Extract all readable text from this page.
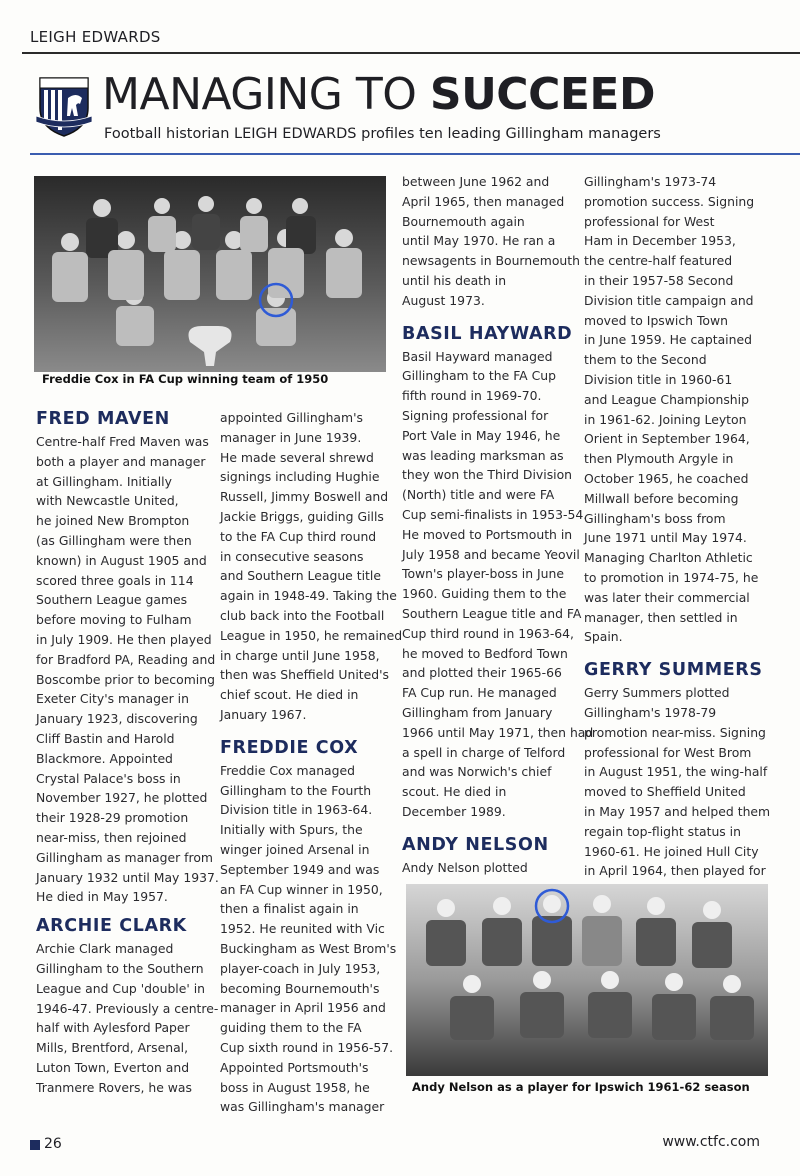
LEIGH EDWARDS
MANAGING TO SUCCEED
Football historian LEIGH EDWARDS profiles ten leading Gillingham managers
Freddie Cox in FA Cup winning team of 1950
FRED MAVEN

Centre-half Fred Maven was

both a player and manager

at Gillingham. Initially

with Newcastle United,

he joined New Brompton

(as Gillingham were then

known) in August 1905 and

scored three goals in 114

Southern League games

before moving to Fulham

in July 1909. He then played

for Bradford PA, Reading and

Boscombe prior to becoming

Exeter City's manager in

January 1923, discovering

Cliff Bastin and Harold

Blackmore. Appointed

Crystal Palace's boss in

November 1927, he plotted

their 1928-29 promotion

near-miss, then rejoined

Gillingham as manager from

January 1932 until May 1937.

He died in May 1957.

ARCHIE CLARK

Archie Clark managed

Gillingham to the Southern

League and Cup 'double' in

1946-47. Previously a centre-

half with Aylesford Paper

Mills, Brentford, Arsenal,

Luton Town, Everton and

Tranmere Rovers, he was

appointed Gillingham's

manager in June 1939.

He made several shrewd

signings including Hughie

Russell, Jimmy Boswell and

Jackie Briggs, guiding Gills

to the FA Cup third round

in consecutive seasons

and Southern League title

again in 1948-49. Taking the

club back into the Football

League in 1950, he remained

in charge until June 1958,

then was Sheffield United's

chief scout. He died in

January 1967.

FREDDIE COX

Freddie Cox managed

Gillingham to the Fourth

Division title in 1963-64.

Initially with Spurs, the

winger joined Arsenal in

September 1949 and was

an FA Cup winner in 1950,

then a finalist again in

1952. He reunited with Vic

Buckingham as West Brom's

player-coach in July 1953,

becoming Bournemouth's

manager in April 1956 and

guiding them to the FA

Cup sixth round in 1956-57.

Appointed Portsmouth's

boss in August 1958, he

was Gillingham's manager

between June 1962 and

April 1965, then managed

Bournemouth again

until May 1970. He ran a

newsagents in Bournemouth

until his death in

August 1973.

BASIL HAYWARD

Basil Hayward managed

Gillingham to the FA Cup

fifth round in 1969-70.

Signing professional for

Port Vale in May 1946, he

was leading marksman as

they won the Third Division

(North) title and were FA

Cup semi-finalists in 1953-54.

He moved to Portsmouth in

July 1958 and became Yeovil

Town's player-boss in June

1960. Guiding them to the

Southern League title and FA

Cup third round in 1963-64,

he moved to Bedford Town

and plotted their 1965-66

FA Cup run. He managed

Gillingham from January

1966 until May 1971, then had

a spell in charge of Telford

and was Norwich's chief

scout. He died in

December 1989.

ANDY NELSON

Andy Nelson plotted

Gillingham's 1973-74

promotion success. Signing

professional for West

Ham in December 1953,

the centre-half featured

in their 1957-58 Second

Division title campaign and

moved to Ipswich Town

in June 1959. He captained

them to the Second

Division title in 1960-61

and League Championship

in 1961-62. Joining Leyton

Orient in September 1964,

then Plymouth Argyle in

October 1965, he coached

Millwall before becoming

Gillingham's boss from

June 1971 until May 1974.

Managing Charlton Athletic

to promotion in 1974-75, he

was later their commercial

manager, then settled in

Spain.

GERRY SUMMERS

Gerry Summers plotted

Gillingham's 1978-79

promotion near-miss. Signing

professional for West Brom

in August 1951, the wing-half

moved to Sheffield United

in May 1957 and helped them

regain top-flight status in

1960-61. He joined Hull City

in April 1964, then played for

Andy Nelson as a player for Ipswich 1961-62 season
26	www.ctfc.com
